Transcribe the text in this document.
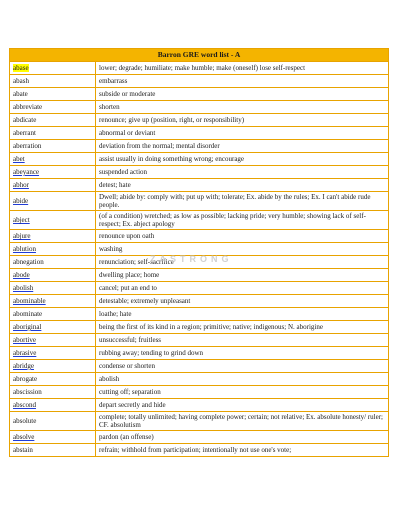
Barron GRE word list - A	
abase	lower; degrade; humiliate; make humble; make (oneself) lose self-respect
abash	embarrass
abate	subside or moderate
abbreviate	shorten
abdicate	renounce; give up (position, right, or responsibility)
aberrant	abnormal or deviant
aberration	deviation from the normal; mental disorder
abet	assist usually in doing something wrong; encourage
abeyance	suspended action
abhor	detest; hate
abide	Dwell; abide by: comply with; put up with; tolerate; Ex. abide by the rules; Ex. I can't abide rude people.
abject	(of a condition) wretched; as low as possible; lacking pride; very humble; showing lack of self-respect; Ex. abject apology
abjure	renounce upon oath
ablution	washing
abnegation	renunciation; self-sacrifice
abode	dwelling place; home
abolish	cancel; put an end to
abominable	detestable; extremely unpleasant
abominate	loathe; hate
aboriginal	being the first of its kind in a region; primitive; native; indigenous; N. aborigine
abortive	unsuccessful; fruitless
abrasive	rubbing away; tending to grind down
abridge	condense or shorten
abrogate	abolish
abscission	cutting off; separation
abscond	depart secretly and hide
absolute	complete; totally unlimited; having complete power; certain; not relative; Ex. absolute honesty/ ruler; CF. absolutism
absolve	pardon (an offense)
abstain	refrain; withhold from participation; intentionally not use one's vote;
ZASTRONG
